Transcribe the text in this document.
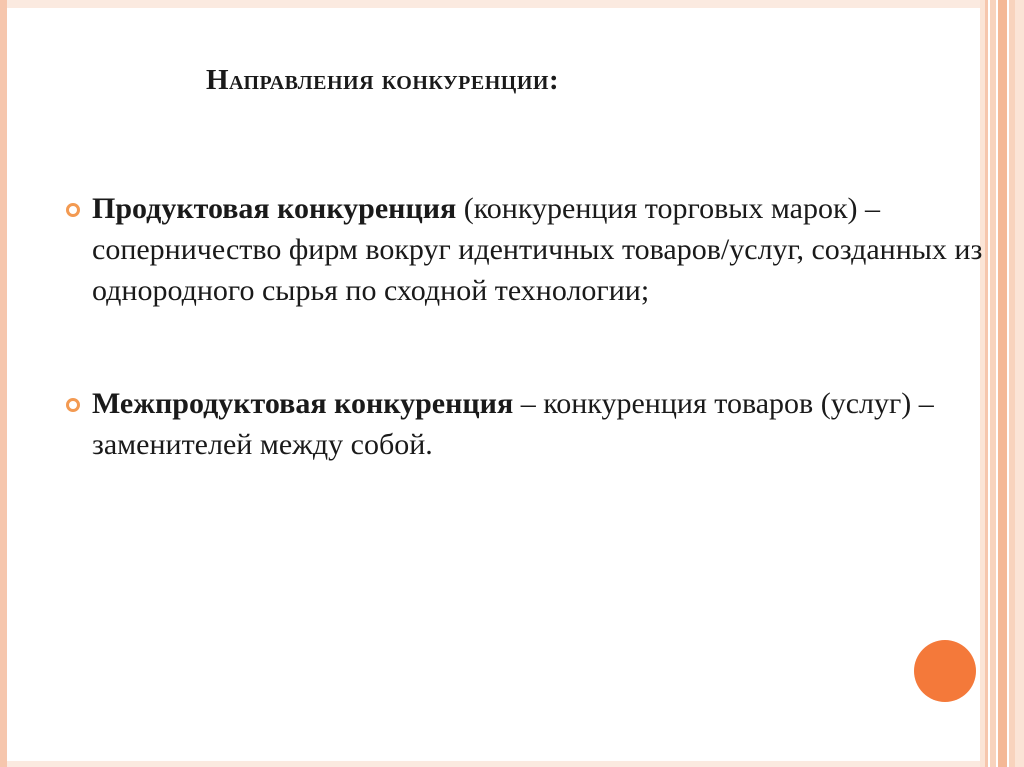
Направления конкуренции:
Продуктовая конкуренция (конкуренция торговых марок) – соперничество фирм вокруг идентичных товаров/услуг, созданных из однородного сырья по сходной технологии;
Межпродуктовая конкуренция – конкуренция товаров (услуг) – заменителей между собой.
